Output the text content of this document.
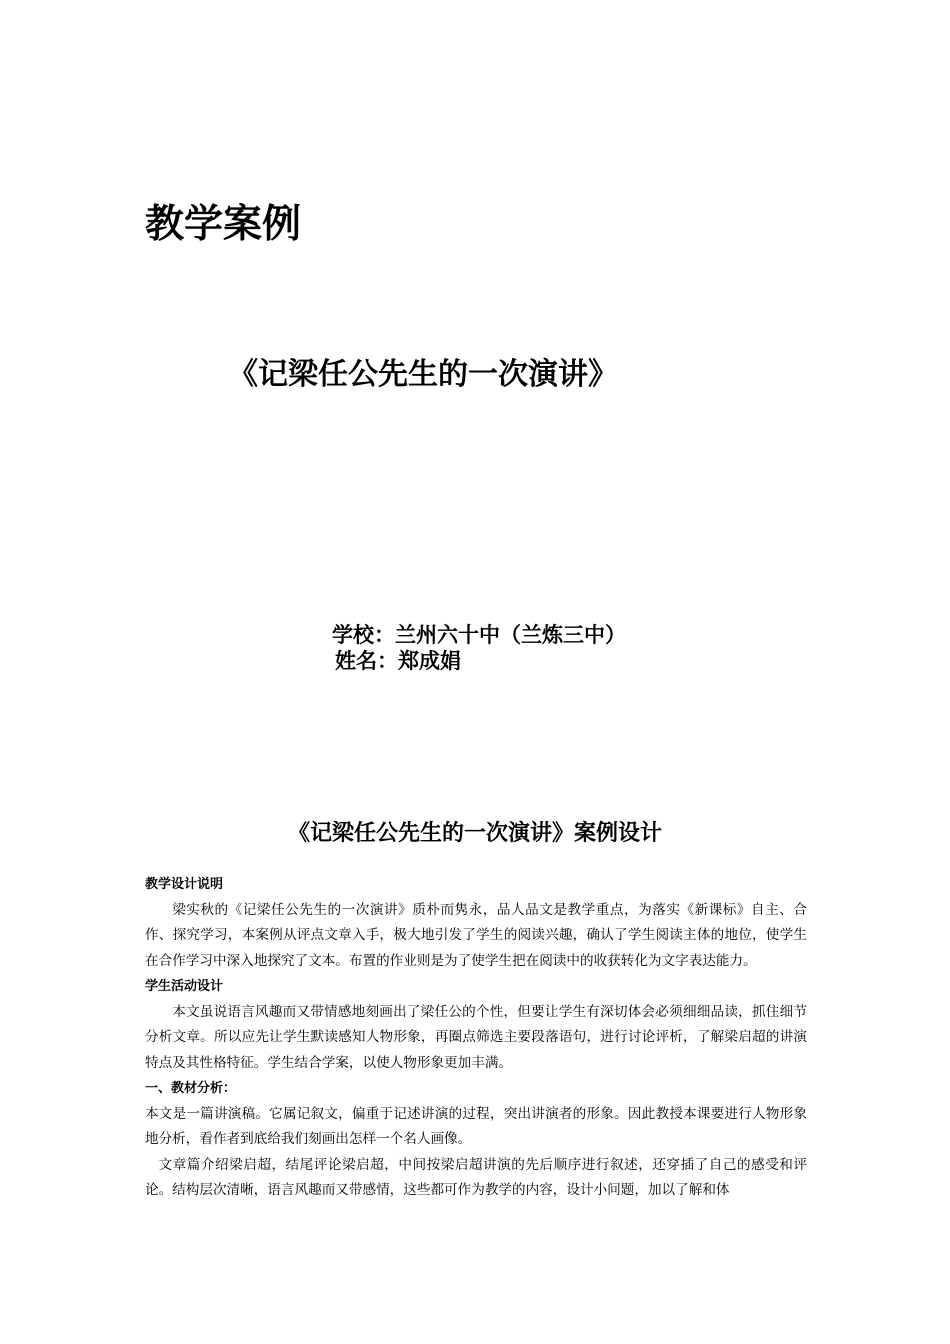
教学案例
《记梁任公先生的一次演讲》
学校：兰州六十中（兰炼三中）
姓名：郑成娟
《记梁任公先生的一次演讲》案例设计

教学设计说明

梁实秋的《记梁任公先生的一次演讲》质朴而隽永，品人品文是教学重点，为落实《新课标》自主、合作、探究学习，本案例从评点文章入手，极大地引发了学生的阅读兴趣，确认了学生阅读主体的地位，使学生在合作学习中深入地探究了文本。布置的作业则是为了使学生把在阅读中的收获转化为文字表达能力。

学生活动设计

本文虽说语言风趣而又带情感地刻画出了梁任公的个性，但要让学生有深切体会必须细细品读，抓住细节分析文章。所以应先让学生默读感知人物形象，再圈点筛选主要段落语句，进行讨论评析，了解梁启超的讲演特点及其性格特征。学生结合学案，以使人物形象更加丰满。

一、教材分析：

本文是一篇讲演稿。它属记叙文，偏重于记述讲演的过程，突出讲演者的形象。因此教授本课要进行人物形象地分析，看作者到底给我们刻画出怎样一个名人画像。

文章篇介绍梁启超，结尾评论梁启超，中间按梁启超讲演的先后顺序进行叙述，还穿插了自己的感受和评论。结构层次清晰，语言风趣而又带感情，这些都可作为教学的内容，设计小问题，加以了解和体
